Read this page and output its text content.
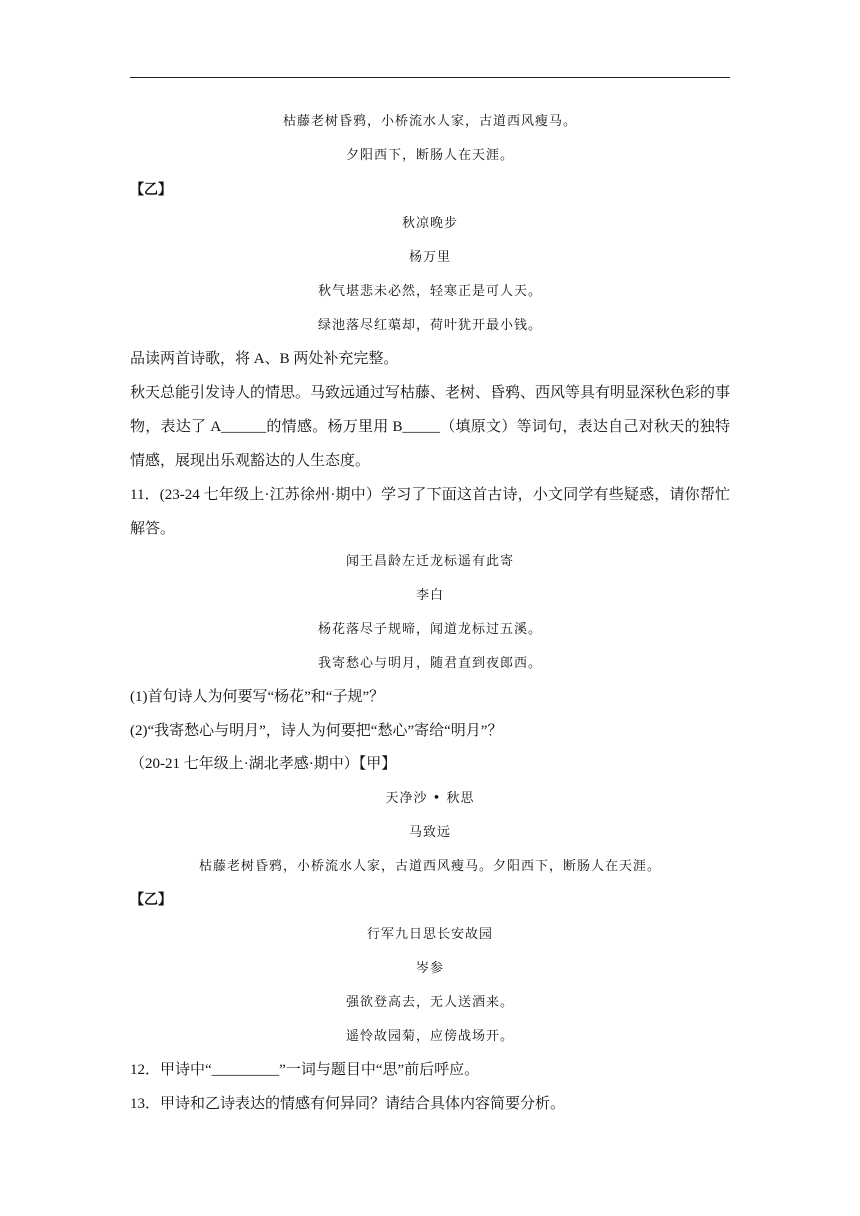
枯藤老树昏鸦，小桥流水人家，古道西风瘦马。
夕阳西下，断肠人在天涯。
【乙】
秋凉晚步
杨万里
秋气堪悲未必然，轻寒正是可人天。
绿池落尽红蕖却，荷叶犹开最小钱。
品读两首诗歌，将 A、B 两处补充完整。
秋天总能引发诗人的情思。马致远通过写枯藤、老树、昏鸦、西风等具有明显深秋色彩的事物，表达了 A______的情感。杨万里用 B_____（填原文）等词句，表达自己对秋天的独特情感，展现出乐观豁达的人生态度。
11．(23-24 七年级上·江苏徐州·期中）学习了下面这首古诗，小文同学有些疑惑，请你帮忙解答。
闻王昌龄左迁龙标遥有此寄
李白
杨花落尽子规啼，闻道龙标过五溪。
我寄愁心与明月，随君直到夜郎西。
(1)首句诗人为何要写“杨花”和“子规”？
(2)“我寄愁心与明月”，诗人为何要把“愁心”寄给“明月”？
（20-21 七年级上·湖北孝感·期中）【甲】
天净沙 • 秋思
马致远
枯藤老树昏鸦，小桥流水人家，古道西风瘦马。夕阳西下，断肠人在天涯。
【乙】
行军九日思长安故园
岑参
强欲登高去，无人送酒来。
遥怜故园菊，应傍战场开。
12．甲诗中“_________”一词与题目中“思”前后呼应。
13．甲诗和乙诗表达的情感有何异同？请结合具体内容简要分析。
